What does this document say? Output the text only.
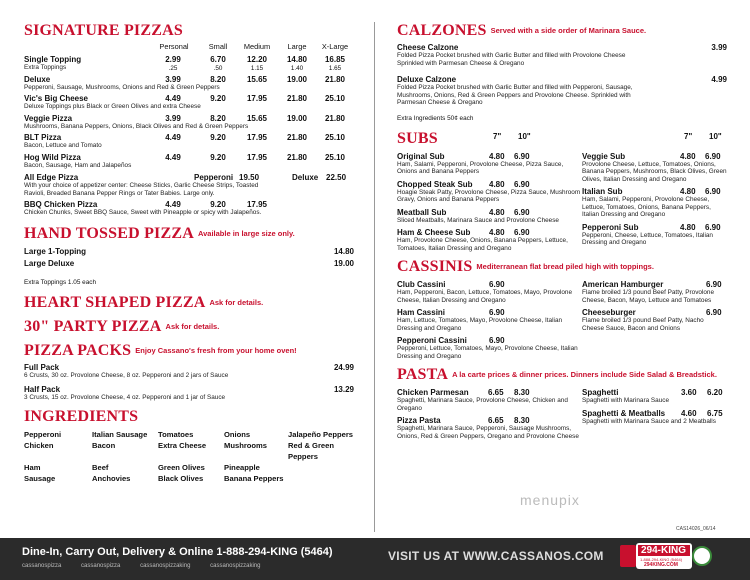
SIGNATURE PIZZAS
Personal	Small	Medium	Large	X-Large
Single Topping	2.99	6.70	12.20	14.80	16.85
.25	.50	1.15	1.40	1.65
Extra Toppings
Deluxe	3.99	8.20	15.65	19.00	21.80
Pepperoni, Sausage, Mushrooms, Onions and Red & Green Peppers
Vic's Big Cheese	4.49	9.20	17.95	21.80	25.10
Deluxe Toppings plus Black or Green Olives and extra Cheese
Veggie Pizza	3.99	8.20	15.65	19.00	21.80
Mushrooms, Banana Peppers, Onions, Black Olives and Red & Green Peppers
BLT Pizza	4.49	9.20	17.95	21.80	25.10
Bacon, Lettuce and Tomato
Hog Wild Pizza	4.49	9.20	17.95	21.80	25.10
Bacon, Sausage, Ham and Jalapeños
All Edge Pizza	Pepperoni 19.50	Deluxe 22.50
With your choice of appetizer center: Cheese Sticks, Garlic Cheese Strips, Toasted Ravioli, Breaded Banana Pepper Rings or Tater Babies. Large only.
BBQ Chicken Pizza	4.49	9.20	17.95
Chicken Chunks, Sweet BBQ Sauce, Sweet with Pineapple or spicy with Jalapeños.
HAND TOSSED PIZZA $^{Available in large size only.}$
Large 1-Topping	14.80
Large Deluxe	19.00
Extra Toppings 1.05 each
HEART SHAPED PIZZA $^{Ask for details.}$
30" PARTY PIZZA $^{Ask for details.}$
PIZZA PACKS $^{Enjoy Cassano's fresh from your home oven!}$
Full Pack	24.99
6 Crusts, 30 oz. Provolone Cheese, 8 oz. Pepperoni and 2 jars of Sauce
Half Pack	13.29
3 Crusts, 15 oz. Provolone Cheese, 4 oz. Pepperoni and 1 jar of Sauce
INGREDIENTS
Pepperoni	Italian Sausage	Tomatoes	Onions	Jalapeño Peppers
Chicken	Bacon	Extra Cheese	Mushrooms	Red & Green Peppers
Ham	Beef	Green Olives	Pineapple
Sausage	Anchovies	Black Olives	Banana Peppers
CALZONES $^{Served with a side order of Marinara Sauce.}$
Cheese Calzone	3.99
Folded Pizza Pocket brushed with Garlic Butter and filled with Provolone Cheese Sprinkled with Parmesan Cheese & Oregano
Deluxe Calzone	4.99
Folded Pizza Pocket brushed with Garlic Butter and filled with Pepperoni, Sausage, Mushrooms, Onions, Red & Green Peppers and Provolone Cheese. Sprinkled with Parmesan Cheese & Oregano
Extra Ingredients 50¢ each
SUBS	7" 10"	7" 10"
Original Sub	4.80 6.90
Ham, Salami, Pepperoni, Provolone Cheese, Pizza Sauce, Onions and Banana Peppers
Chopped Steak Sub	4.80 6.90
Hoagie Steak Patty, Provolone Cheese, Pizza Sauce, Mushroom Gravy, Onions and Banana Peppers
Meatball Sub	4.80 6.90
Sliced Meatballs, Marinara Sauce and Provolone Cheese
Ham & Cheese Sub	4.80 6.90
Ham, Provolone Cheese, Onions, Banana Peppers, Lettuce, Tomatoes, Italian Dressing and Oregano
Veggie Sub	4.80 6.90
Provolone Cheese, Lettuce, Tomatoes, Onions, Banana Peppers, Mushrooms, Black Olives, Green Olives, Italian Dressing and Oregano
Italian Sub	4.80 6.90
Ham, Salami, Pepperoni, Provolone Cheese, Lettuce, Tomatoes, Onions, Banana Peppers, Italian Dressing and Oregano
Pepperoni Sub	4.80 6.90
Pepperoni, Cheese, Lettuce, Tomatoes, Italian Dressing and Oregano
CASSINIS $^{Mediterranean flat bread piled high with toppings.}$
Club Cassini	6.90
Ham, Pepperoni, Bacon, Lettuce, Tomatoes, Mayo, Provolone Cheese, Italian Dressing and Oregano
Ham Cassini	6.90
Ham, Lettuce, Tomatoes, Mayo, Provolone Cheese, Italian Dressing and Oregano
Pepperoni Cassini	6.90
Pepperoni, Lettuce, Tomatoes, Mayo, Provolone Cheese, Italian Dressing and Oregano
American Hamburger	6.90
Flame broiled 1/3 pound Beef Patty, Provolone Cheese, Bacon, Mayo, Lettuce and Tomatoes
Cheeseburger	6.90
Flame broiled 1/3 pound Beef Patty, Nacho Cheese Sauce, Bacon and Onions
PASTA $^{A la carte prices \& dinner prices. Dinners include Side Salad \& Breadstick.}$
Chicken Parmesan	6.65 8.30
Spaghetti, Marinara Sauce, Provolone Cheese, Chicken and Oregano
Pizza Pasta	6.65 8.30
Spaghetti, Marinara Sauce, Pepperoni, Sausage Mushrooms, Onions, Red & Green Peppers, Oregano and Provolone Cheese
Spaghetti	3.60 6.20
Spaghetti with Marinara Sauce
Spaghetti & Meatballs	4.60 6.75
Spaghetti with Marinara Sauce and 2 Meatballs
menupix
CAS14026_06/14
Dine-In, Carry Out, Delivery & Online 1-888-294-KING (5464)
cassanospizza	cassanospizza	cassanospizzaking	cassanospizzaking
VISIT US AT WWW.CASSANOS.COM	294-KING
1-888-294-KING (5464)
294KING.COM
